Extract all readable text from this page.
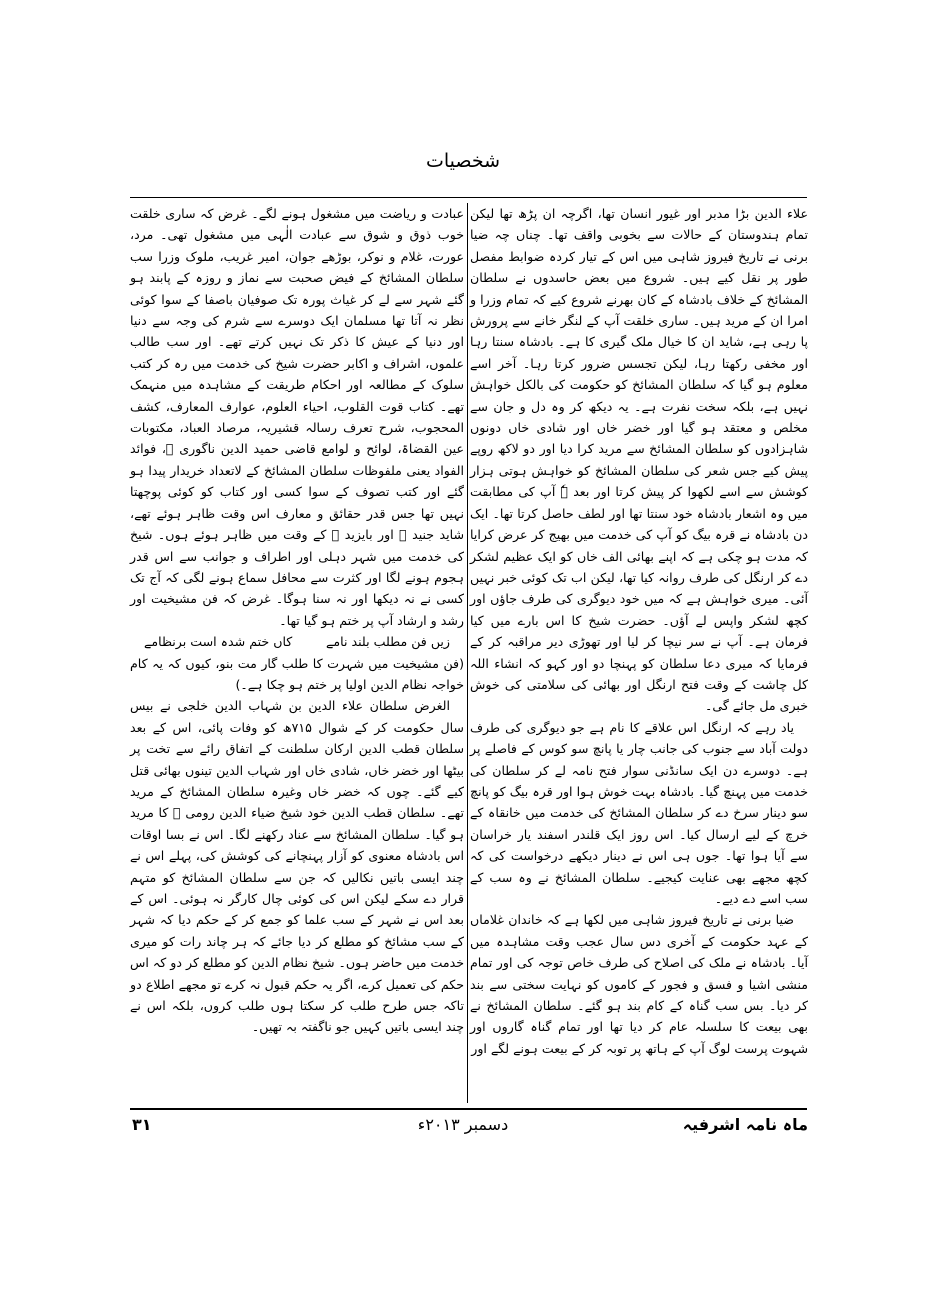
شخصیات

علاء الدین بڑا مدبر اور غیور انسان تھا، اگرچہ ان پڑھ تھا لیکن تمام ہندوستان کے حالات سے بخوبی واقف تھا۔ چناں چہ ضیا برنی نے تاریخ فیروز شاہی میں اس کے تیار کردہ ضوابط مفصل طور پر نقل کیے ہیں۔ شروع میں بعض حاسدوں نے سلطان المشائخ کے خلاف بادشاہ کے کان بھرنے شروع کیے کہ تمام وزرا و امرا ان کے مرید ہیں۔ ساری خلقت آپ کے لنگر خانے سے پرورش پا رہی ہے، شاید ان کا خیال ملک گیری کا ہے۔ بادشاہ سنتا رہا اور مخفی رکھتا رہا، لیکن تجسس ضرور کرتا رہا۔ آخر اسے معلوم ہو گیا کہ سلطان المشائخ کو حکومت کی بالکل خواہش نہیں ہے، بلکہ سخت نفرت ہے۔ یہ دیکھ کر وہ دل و جان سے مخلص و معتقد ہو گیا اور خضر خاں اور شادی خاں دونوں شاہزادوں کو سلطان المشائخ سے مرید کرا دیا اور دو لاکھ روپے پیش کیے جس شعر کی سلطان المشائخ کو خواہش ہوتی ہزار کوشش سے اسے لکھوا کر پیش کرتا اور بعد ہٗ آپ کی مطابقت میں وہ اشعار بادشاہ خود سنتا تھا اور لطف حاصل کرتا تھا۔ ایک دن بادشاہ نے قرہ بیگ کو آپ کی خدمت میں بھیج کر عرض کرایا کہ مدت ہو چکی ہے کہ اپنے بھائی الف خاں کو ایک عظیم لشکر دے کر ارنگل کی طرف روانہ کیا تھا، لیکن اب تک کوئی خبر نہیں آئی۔ میری خواہش ہے کہ میں خود دیوگری کی طرف جاؤں اور کچھ لشکر واپس لے آؤں۔ حضرت شیخ کا اس بارے میں کیا فرمان ہے۔ آپ نے سر نیچا کر لیا اور تھوڑی دیر مراقبہ کر کے فرمایا کہ میری دعا سلطان کو پہنچا دو اور کہو کہ انشاء اللہ کل چاشت کے وقت فتح ارنگل اور بھائی کی سلامتی کی خوش خبری مل جائے گی۔

یاد رہے کہ ارنگل اس علاقے کا نام ہے جو دیوگری کی طرف دولت آباد سے جنوب کی جانب چار یا پانچ سو کوس کے فاصلے پر ہے۔ دوسرے دن ایک سانڈنی سوار فتح نامہ لے کر سلطان کی خدمت میں پہنچ گیا۔ بادشاہ بہت خوش ہوا اور قرہ بیگ کو پانچ سو دینار سرخ دے کر سلطان المشائخ کی خدمت میں خانقاہ کے خرچ کے لیے ارسال کیا۔ اس روز ایک قلندر اسفند یار خراسان سے آیا ہوا تھا۔ جوں ہی اس نے دینار دیکھے درخواست کی کہ کچھ مجھے بھی عنایت کیجیے۔ سلطان المشائخ نے وہ سب کے سب اسے دے دیے۔

ضیا برنی نے تاریخ فیروز شاہی میں لکھا ہے کہ خاندان غلاماں کے عہد حکومت کے آخری دس سال عجب وقت مشاہدہ میں آیا۔ بادشاہ نے ملک کی اصلاح کی طرف خاص توجہ کی اور تمام منشی اشیا و فسق و فجور کے کاموں کو نہایت سختی سے بند کر دیا۔ بس سب گناہ کے کام بند ہو گئے۔ سلطان المشائخ نے بھی بیعت کا سلسلہ عام کر دیا تھا اور تمام گناہ گاروں اور شہوت پرست لوگ آپ کے ہاتھ پر توبہ کر کے بیعت ہونے لگے اور

عبادت و ریاضت میں مشغول ہونے لگے۔ غرض کہ ساری خلقت خوب ذوق و شوق سے عبادت الٰہی میں مشغول تھی۔ مرد، عورت، غلام و نوکر، بوڑھے جوان، امیر غریب، ملوک وزرا سب سلطان المشائخ کے فیض صحبت سے نماز و روزہ کے پابند ہو گئے شہر سے لے کر غیاث پورہ تک صوفیان باصفا کے سوا کوئی نظر نہ آتا تھا مسلمان ایک دوسرے سے شرم کی وجہ سے دنیا اور دنیا کے عیش کا ذکر تک نہیں کرتے تھے۔ اور سب طالب علموں، اشراف و اکابر حضرت شیخ کی خدمت میں رہ کر کتب سلوک کے مطالعہ اور احکام طریقت کے مشاہدہ میں منہمک تھے۔ کتاب قوت القلوب، احیاء العلوم، عوارف المعارف، کشف المحجوب، شرح تعرف رسالہ قشیریہ، مرصاد العباد، مکتوبات عین القضاۃ، لوائح و لوامع قاضی حمید الدین ناگوری ﷫، فوائد الفواد یعنی ملفوظات سلطان المشائخ کے لاتعداد خریدار پیدا ہو گئے اور کتب تصوف کے سوا کسی اور کتاب کو کوئی پوچھتا نہیں تھا جس قدر حقائق و معارف اس وقت ظاہر ہوئے تھے، شاید جنید ﷫ اور بایزید ﷫ کے وقت میں ظاہر ہوئے ہوں۔ شیخ کی خدمت میں شہر دہلی اور اطراف و جوانب سے اس قدر ہجوم ہونے لگا اور کثرت سے محافل سماع ہونے لگی کہ آج تک کسی نے نہ دیکھا اور نہ سنا ہوگا۔ غرض کہ فن مشیخیت اور رشد و ارشاد آپ پر ختم ہو گیا تھا۔

زیں فن مطلب بلند نامے
کاں ختم شدہ است برنظامے

(فن مشیخیت میں شہرت کا طلب گار مت بنو، کیوں کہ یہ کام خواجہ نظام الدین اولیا پر ختم ہو چکا ہے۔)

الغرض سلطان علاء الدین بن شہاب الدین خلجی نے بیس سال حکومت کر کے شوال ۷۱۵ھ کو وفات پائی، اس کے بعد سلطان قطب الدین ارکان سلطنت کے اتفاق رائے سے تخت پر بیٹھا اور خضر خاں، شادی خاں اور شہاب الدین تینوں بھائی قتل کیے گئے۔ چوں کہ خضر خاں وغیرہ سلطان المشائخ کے مرید تھے۔ سلطان قطب الدین خود شیخ ضیاء الدین رومی ﷫ کا مرید ہو گیا۔ سلطان المشائخ سے عناد رکھنے لگا۔ اس نے بسا اوقات اس بادشاہ معنوی کو آزار پہنچانے کی کوشش کی، پہلے اس نے چند ایسی باتیں نکالیں کہ جن سے سلطان المشائخ کو متہم قرار دے سکے لیکن اس کی کوئی چال کارگر نہ ہوئی۔ اس کے بعد اس نے شہر کے سب علما کو جمع کر کے حکم دیا کہ شہر کے سب مشائخ کو مطلع کر دیا جائے کہ ہر چاند رات کو میری خدمت میں حاضر ہوں۔ شیخ نظام الدین کو مطلع کر دو کہ اس حکم کی تعمیل کرے، اگر یہ حکم قبول نہ کرے تو مجھے اطلاع دو تاکہ جس طرح طلب کر سکتا ہوں طلب کروں، بلکہ اس نے چند ایسی باتیں کہیں جو ناگفتہ بہ تھیں۔

ماہ نامہ اشرفیہ
دسمبر ۲۰۱۳ء
۳۱
